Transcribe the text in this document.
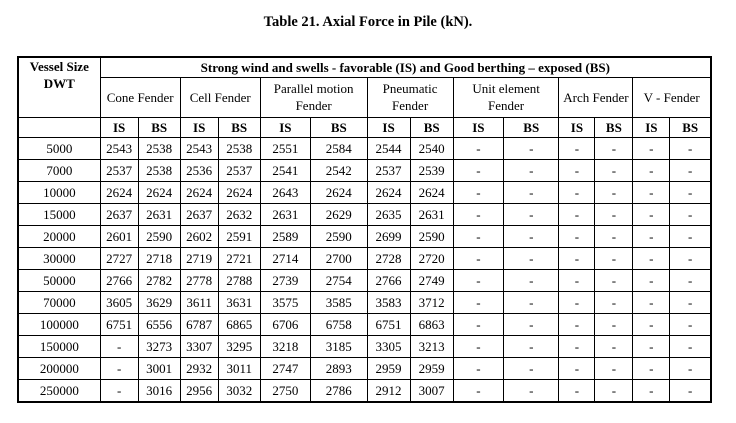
Table 21. Axial Force in Pile (kN).
Vessel Size DWT	Strong wind and swells - favorable (IS) and Good berthing – exposed (BS)													
	Cone Fender		Cell Fender		Parallel motion Fender		Pneumatic Fender		Unit element Fender		Arch Fender		V - Fender	
	IS	BS	IS	BS	IS	BS	IS	BS	IS	BS	IS	BS	IS	BS
5000	2543	2538	2543	2538	2551	2584	2544	2540	-	-	-	-	-	-
7000	2537	2538	2536	2537	2541	2542	2537	2539	-	-	-	-	-	-
10000	2624	2624	2624	2624	2643	2624	2624	2624	-	-	-	-	-	-
15000	2637	2631	2637	2632	2631	2629	2635	2631	-	-	-	-	-	-
20000	2601	2590	2602	2591	2589	2590	2699	2590	-	-	-	-	-	-
30000	2727	2718	2719	2721	2714	2700	2728	2720	-	-	-	-	-	-
50000	2766	2782	2778	2788	2739	2754	2766	2749	-	-	-	-	-	-
70000	3605	3629	3611	3631	3575	3585	3583	3712	-	-	-	-	-	-
100000	6751	6556	6787	6865	6706	6758	6751	6863	-	-	-	-	-	-
150000	-	3273	3307	3295	3218	3185	3305	3213	-	-	-	-	-	-
200000	-	3001	2932	3011	2747	2893	2959	2959	-	-	-	-	-	-
250000	-	3016	2956	3032	2750	2786	2912	3007	-	-	-	-	-	-
